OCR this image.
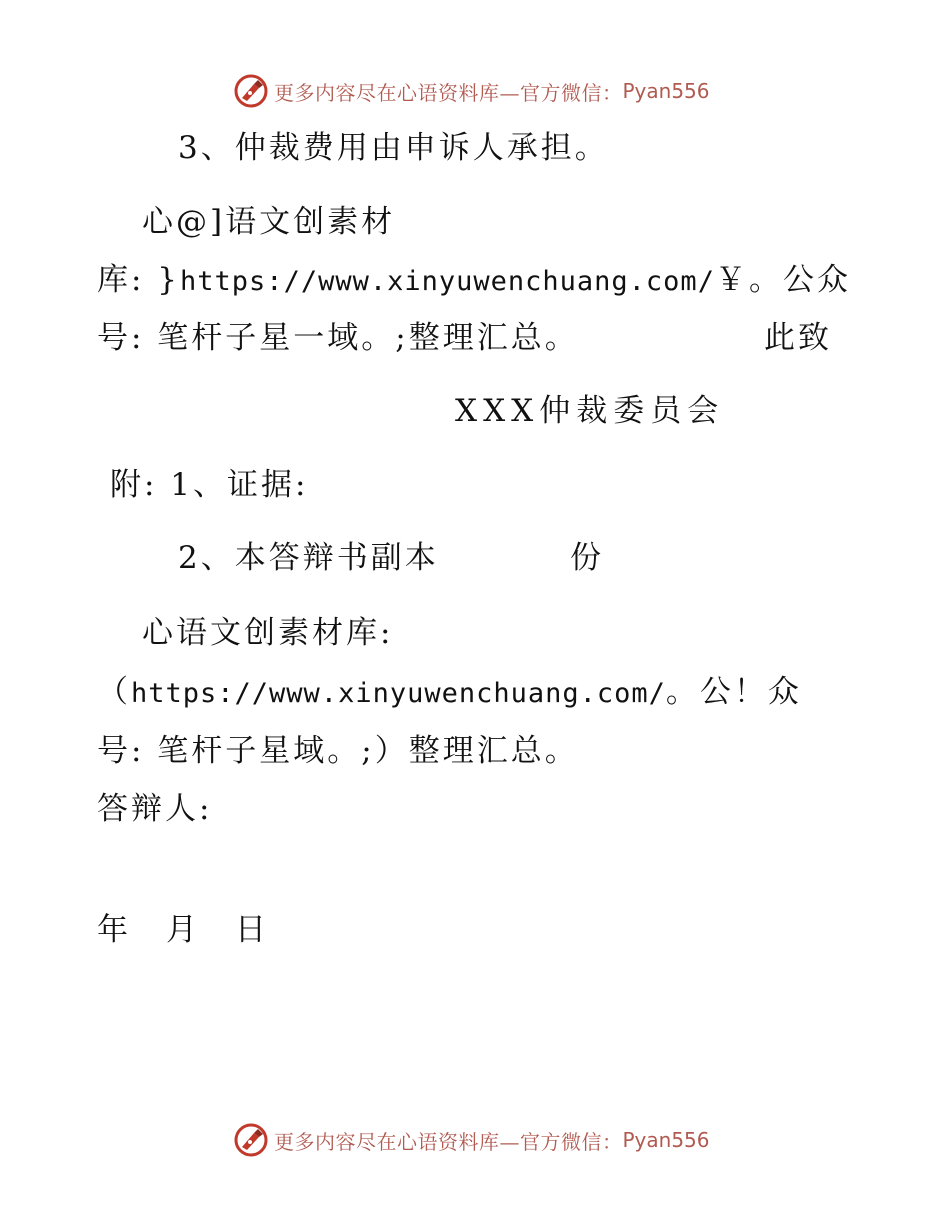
更多内容尽在心语资料库—官方微信： Pyan556
3、仲裁费用由申诉人承担。
心@]语文创素材
库: }https://www.xinyuwenchuang.com/￥。公众
号: 笔杆子星一域。;整理汇总。	此致
XXX仲裁委员会
附: 1、证据:
2、本答辩书副本	份
心语文创素材库:
（https://www.xinyuwenchuang.com/。公！众
号: 笔杆子星域。;）整理汇总。
答辩人:
年 月 日
更多内容尽在心语资料库—官方微信： Pyan556
